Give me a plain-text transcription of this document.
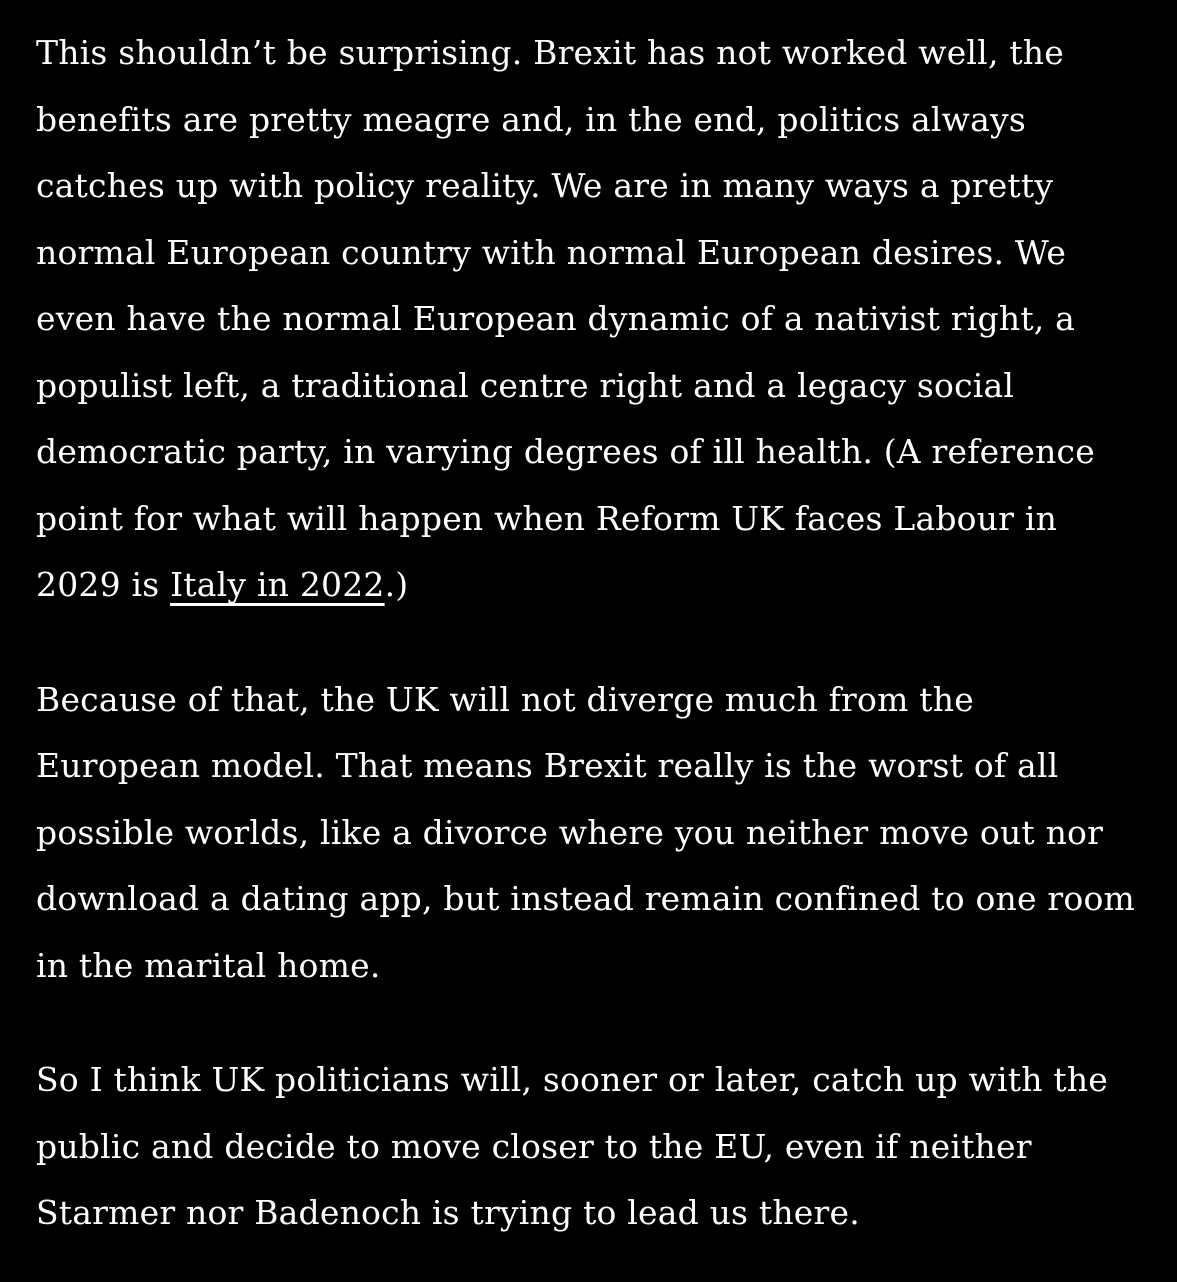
This shouldn’t be surprising. Brexit has not worked well, the benefits are pretty meagre and, in the end, politics always catches up with policy reality. We are in many ways a pretty normal European country with normal European desires. We even have the normal European dynamic of a nativist right, a populist left, a traditional centre right and a legacy social democratic party, in varying degrees of ill health. (A reference point for what will happen when Reform UK faces Labour in 2029 is Italy in 2022.)

Because of that, the UK will not diverge much from the European model. That means Brexit really is the worst of all possible worlds, like a divorce where you neither move out nor download a dating app, but instead remain confined to one room in the marital home.

So I think UK politicians will, sooner or later, catch up with the public and decide to move closer to the EU, even if neither Starmer nor Badenoch is trying to lead us there.
